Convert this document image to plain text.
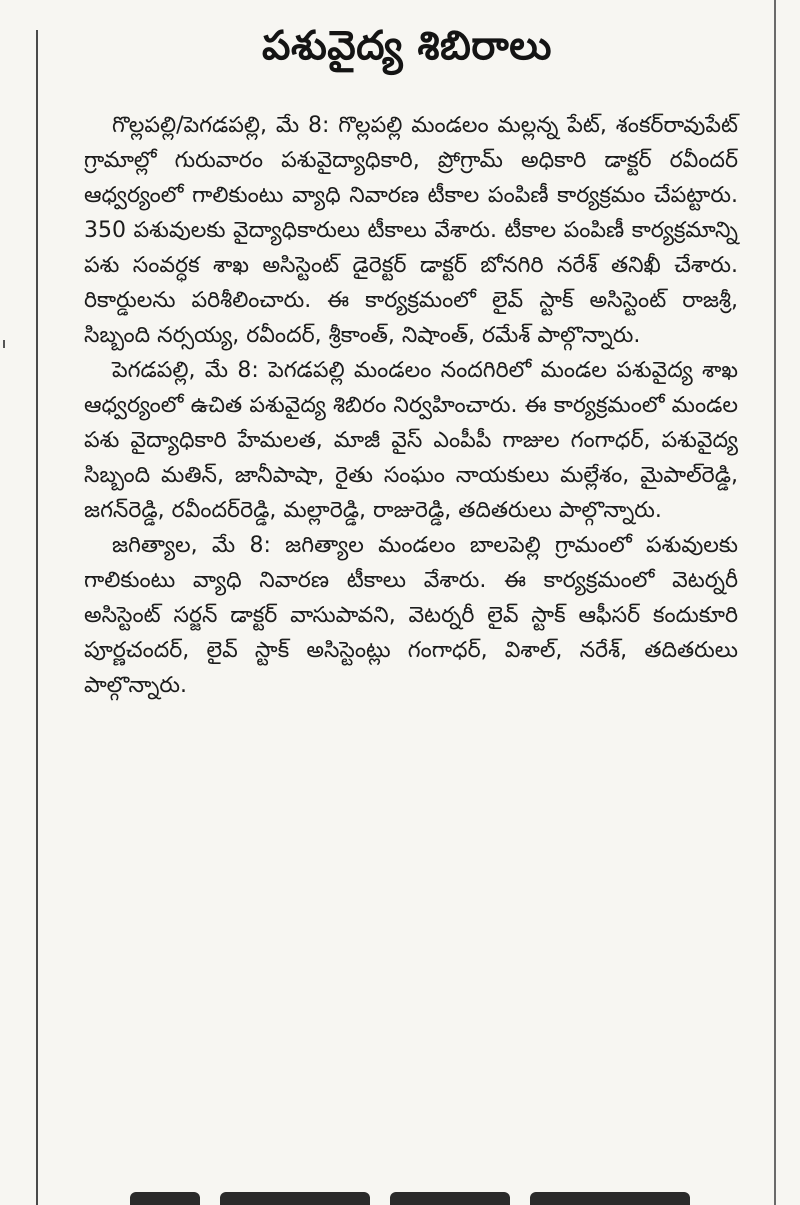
పశువైద్య శిబిరాలు

గొల్లపల్లి/పెగడపల్లి, మే 8: గొల్లపల్లి మండలం మల్లన్న పేట్, శంకర్‌రావుపేట్ గ్రామాల్లో గురువారం పశువైద్యాధికారి, ప్రోగ్రామ్ అధికారి డాక్టర్ రవీందర్ ఆధ్వర్యంలో గాలికుంటు వ్యాధి నివారణ టీకాల పంపిణీ కార్యక్రమం చేపట్టారు. 350 పశువులకు వైద్యాధికారులు టీకాలు వేశారు. టీకాల పంపిణీ కార్యక్రమాన్ని పశు సంవర్ధక శాఖ అసిస్టెంట్ డైరెక్టర్ డాక్టర్ బోనగిరి నరేశ్ తనిఖీ చేశారు. రికార్డులను పరిశీలించారు. ఈ కార్యక్రమంలో లైవ్ స్టాక్ అసిస్టెంట్ రాజశ్రీ, సిబ్బంది నర్సయ్య, రవీందర్, శ్రీకాంత్, నిషాంత్, రమేశ్ పాల్గొన్నారు.

పెగడపల్లి, మే 8: పెగడపల్లి మండలం నందగిరిలో మండల పశువైద్య శాఖ ఆధ్వర్యంలో ఉచిత పశువైద్య శిబిరం నిర్వహించారు. ఈ కార్యక్రమంలో మండల పశు వైద్యాధికారి హేమలత, మాజీ వైస్ ఎంపీపీ గాజుల గంగాధర్, పశువైద్య సిబ్బంది మతిన్, జానీపాషా, రైతు సంఘం నాయకులు మల్లేశం, మైపాల్‌రెడ్డి, జగన్‌రెడ్డి, రవీందర్‌రెడ్డి, మల్లారెడ్డి, రాజురెడ్డి, తదితరులు పాల్గొన్నారు.

జగిత్యాల, మే 8: జగిత్యాల మండలం బాలపెల్లి గ్రామంలో పశువులకు గాలికుంటు వ్యాధి నివారణ టీకాలు వేశారు. ఈ కార్యక్రమంలో వెటర్నరీ అసిస్టెంట్ సర్జన్ డాక్టర్ వాసుపావని, వెటర్నరీ లైవ్ స్టాక్ ఆఫీసర్ కందుకూరి పూర్ణచందర్, లైవ్ స్టాక్ అసిస్టెంట్లు గంగాధర్, విశాల్, నరేశ్, తదితరులు పాల్గొన్నారు.
